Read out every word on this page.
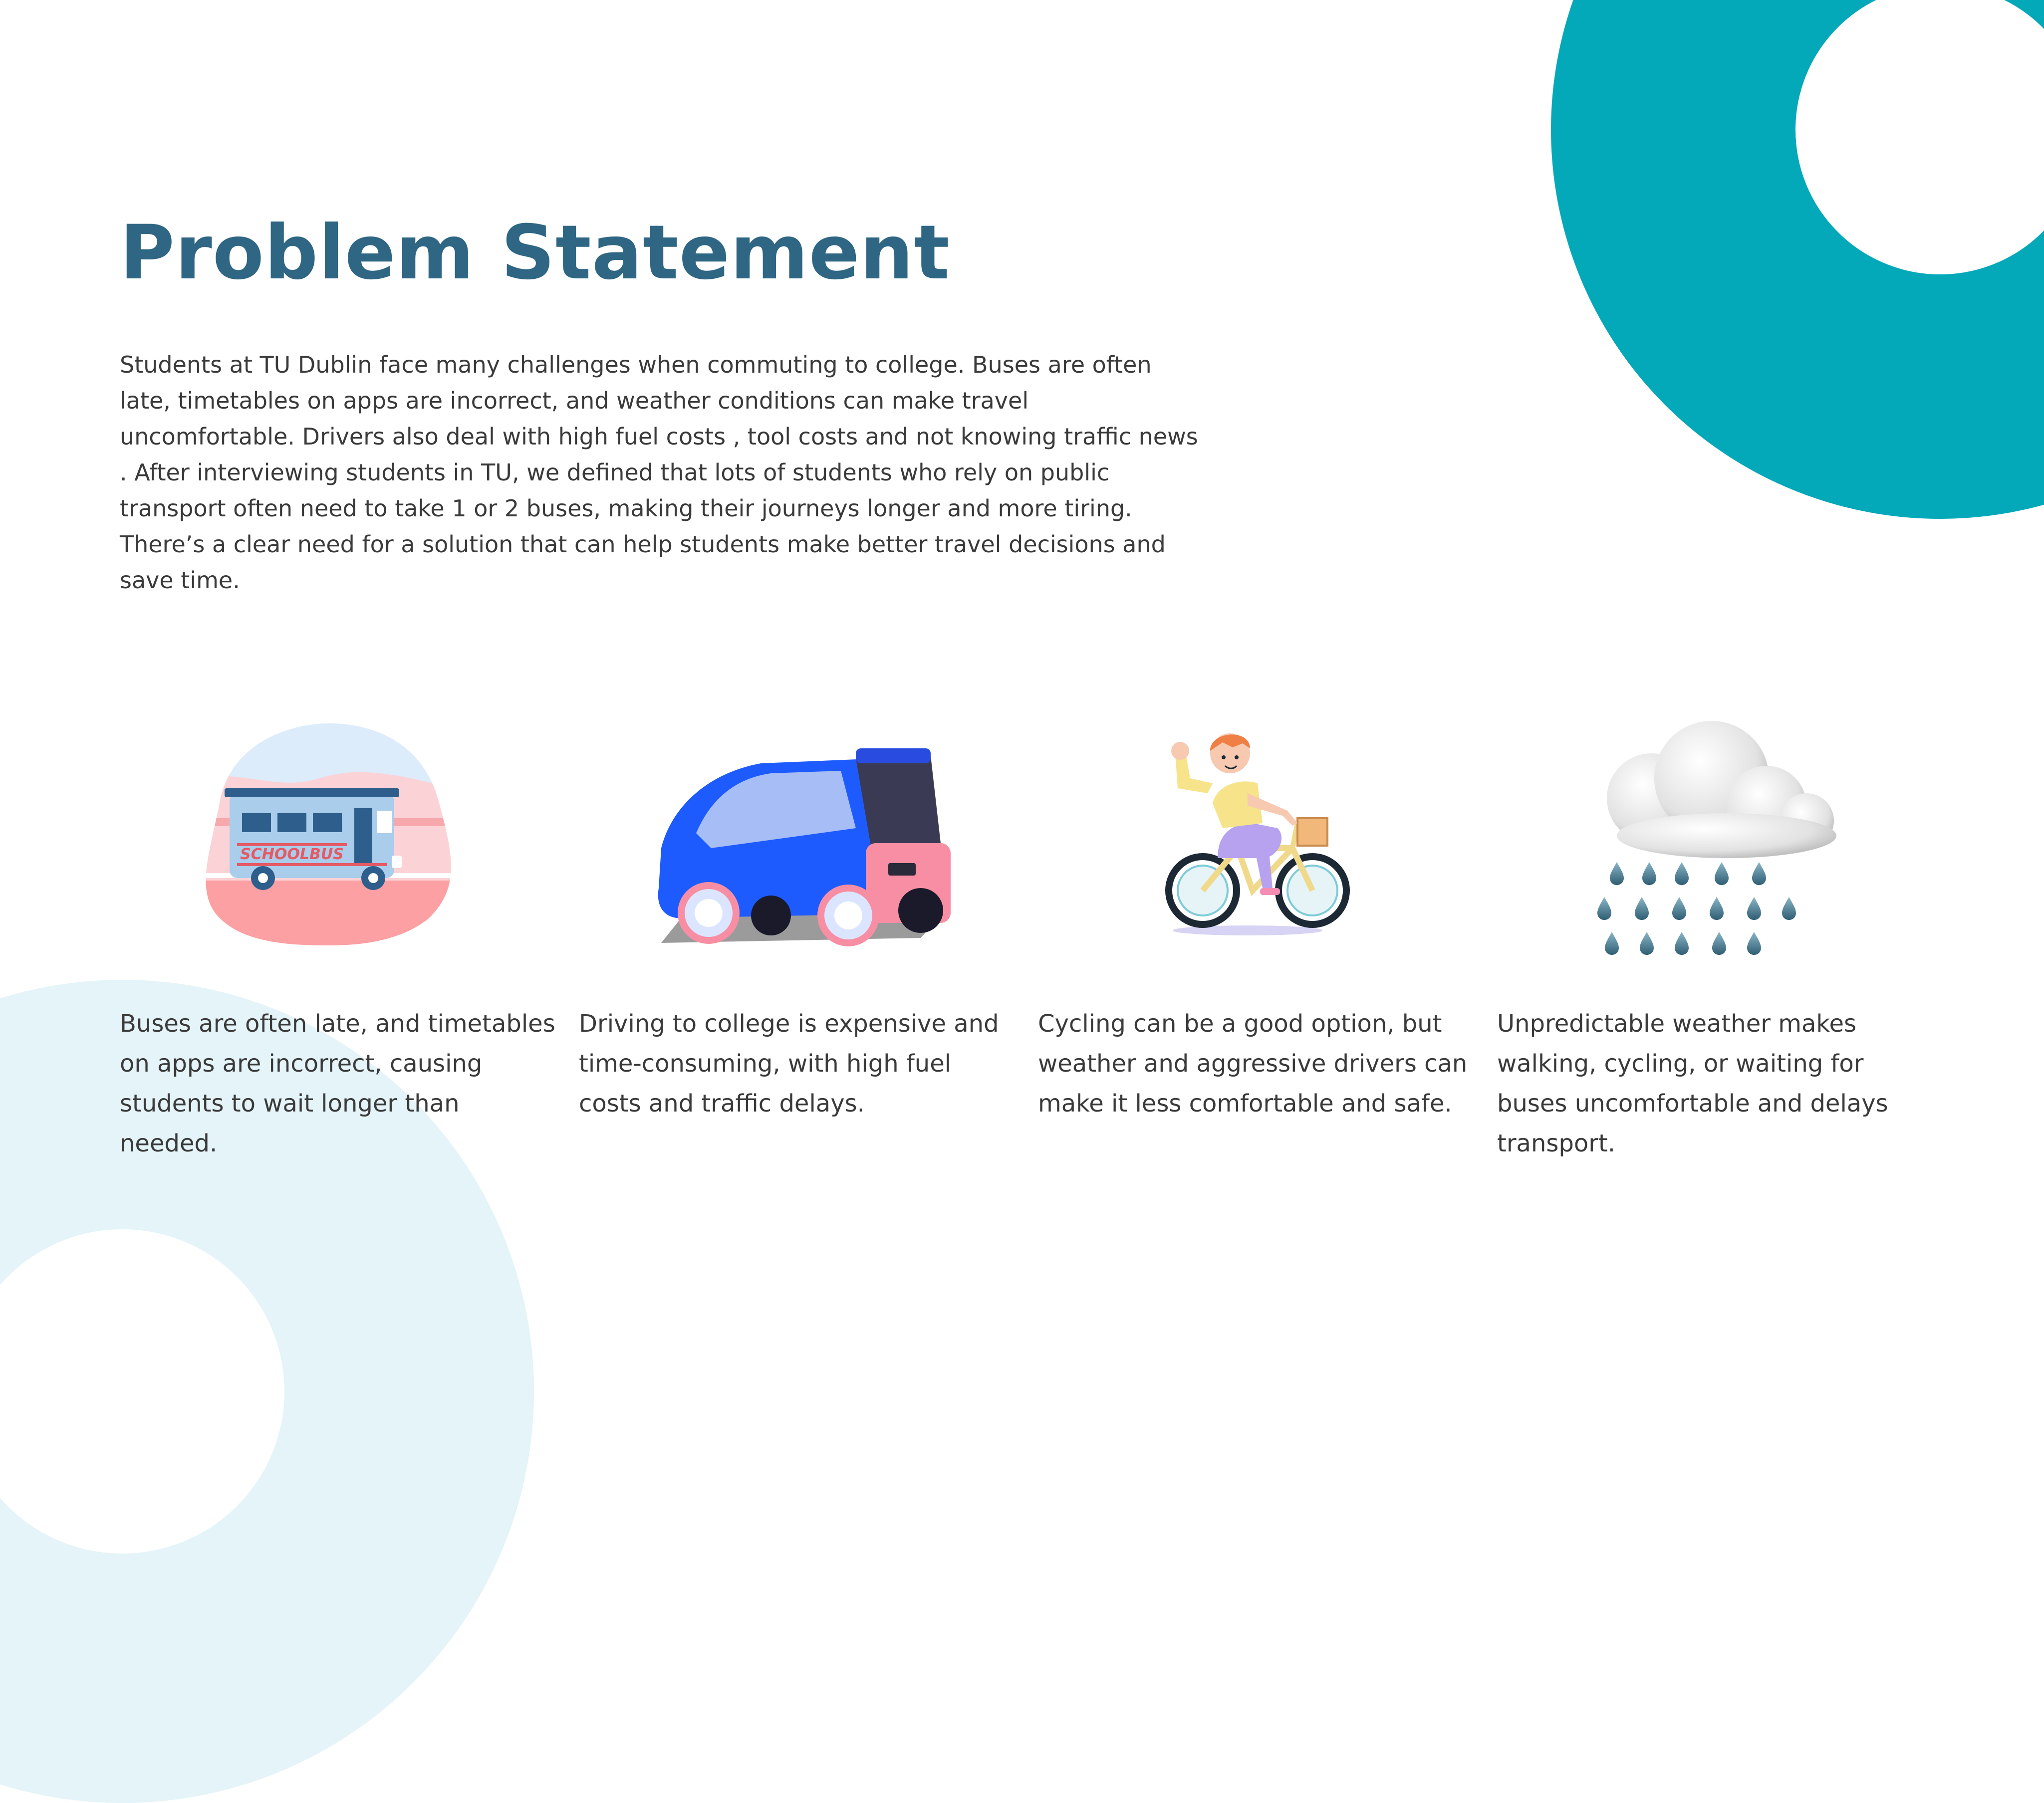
Problem Statement

Students at TU Dublin face many challenges when commuting to college. Buses are often late, timetables on apps are incorrect, and weather conditions can make travel uncomfortable. Drivers also deal with high fuel costs , tool costs and not knowing traffic news . After interviewing students in TU, we defined that lots of students who rely on public transport often need to take 1 or 2 buses, making their journeys longer and more tiring. There’s a clear need for a solution that can help students make better travel decisions and save time.

SCHOOLBUS

Buses are often late, and timetables on apps are incorrect, causing students to wait longer than needed.

Driving to college is expensive and time-consuming, with high fuel costs and traffic delays.

Cycling can be a good option, but weather and aggressive drivers can make it less comfortable and safe.

Unpredictable weather makes walking, cycling, or waiting for buses uncomfortable and delays transport.
